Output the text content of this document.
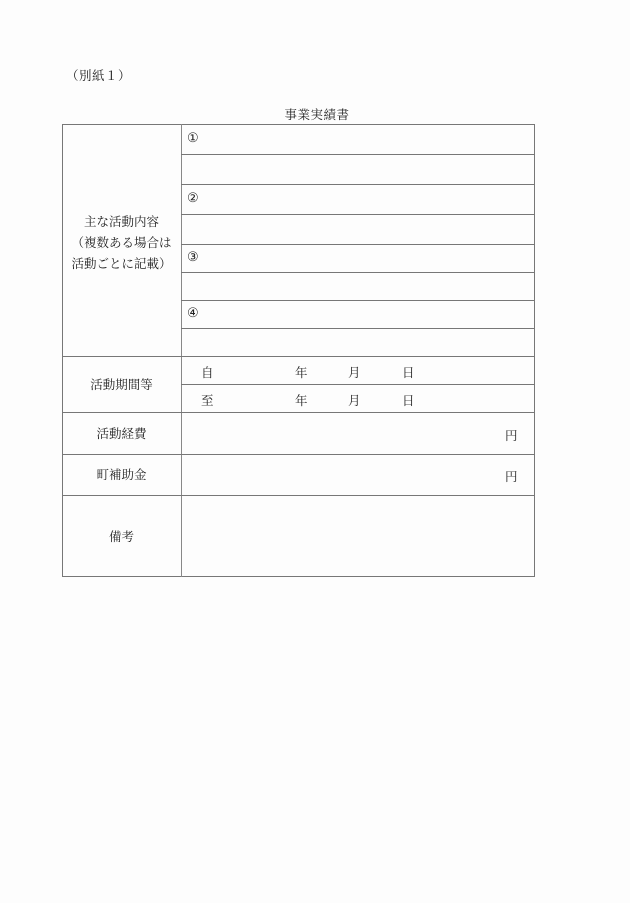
（別紙１）
事業実績書
主な活動内容
（複数ある場合は
活動ごとに記載）
①
②
③
④
活動期間等
自	年	月	日
至	年	月	日
活動経費	円
町補助金	円
備考
